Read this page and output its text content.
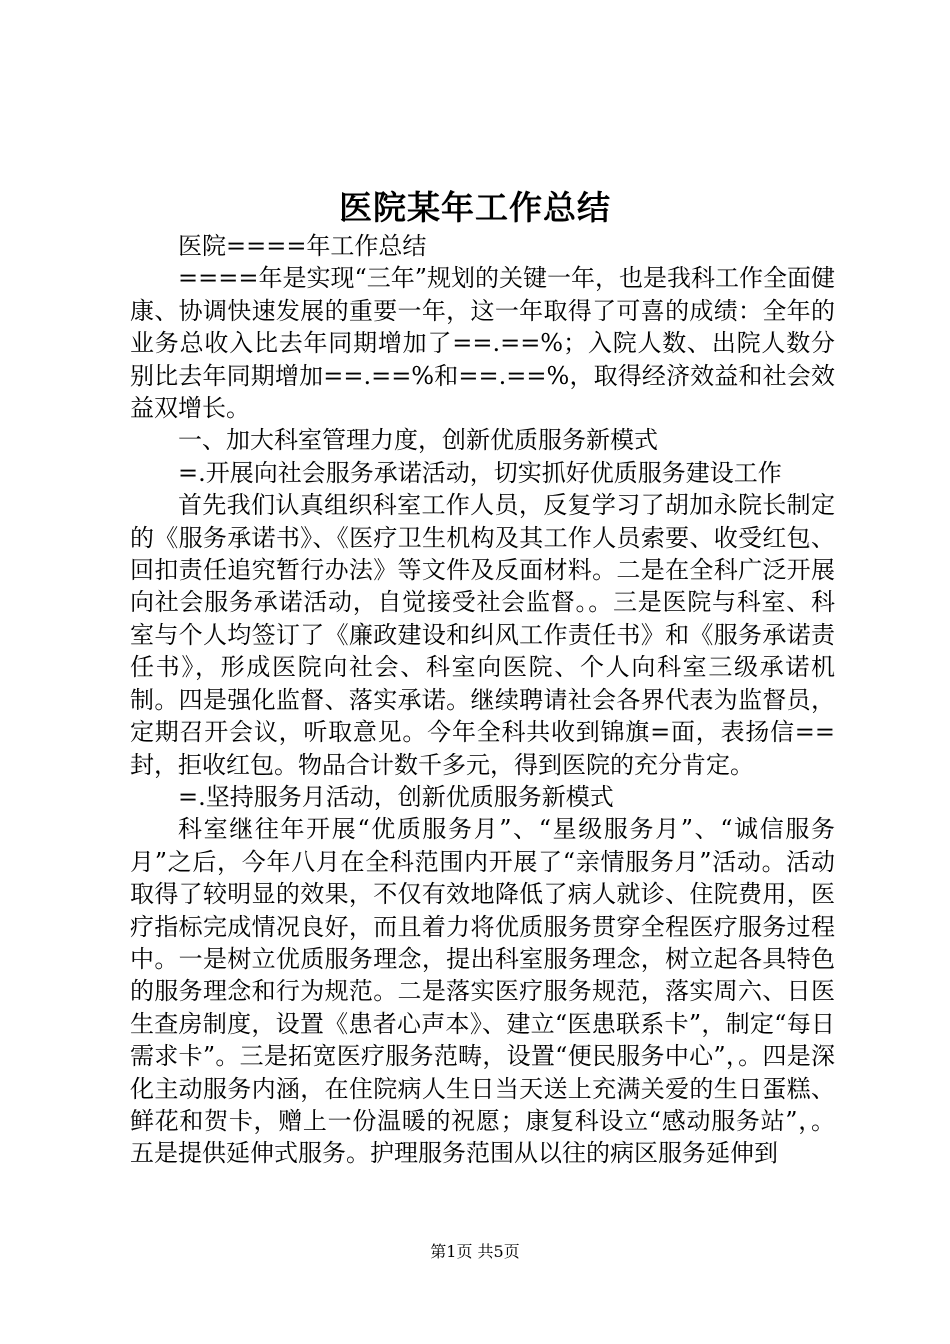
医院某年工作总结

医院====年工作总结

====年是实现“三年”规划的关键一年，也是我科工作全面健康、协调快速发展的重要一年，这一年取得了可喜的成绩：全年的业务总收入比去年同期增加了==.==%；入院人数、出院人数分别比去年同期增加==.==%和==.==%，取得经济效益和社会效益双增长。

一、加大科室管理力度，创新优质服务新模式

=.开展向社会服务承诺活动，切实抓好优质服务建设工作

首先我们认真组织科室工作人员，反复学习了胡加永院长制定的《服务承诺书》、《医疗卫生机构及其工作人员索要、收受红包、回扣责任追究暂行办法》等文件及反面材料。二是在全科广泛开展向社会服务承诺活动，自觉接受社会监督。。三是医院与科室、科室与个人均签订了《廉政建设和纠风工作责任书》和《服务承诺责任书》，形成医院向社会、科室向医院、个人向科室三级承诺机制。四是强化监督、落实承诺。继续聘请社会各界代表为监督员，定期召开会议，听取意见。今年全科共收到锦旗=面，表扬信==封，拒收红包。物品合计数千多元，得到医院的充分肯定。

=.坚持服务月活动，创新优质服务新模式

科室继往年开展“优质服务月”、“星级服务月”、“诚信服务月”之后，今年八月在全科范围内开展了“亲情服务月”活动。活动取得了较明显的效果，不仅有效地降低了病人就诊、住院费用，医疗指标完成情况良好，而且着力将优质服务贯穿全程医疗服务过程中。一是树立优质服务理念，提出科室服务理念，树立起各具特色的服务理念和行为规范。二是落实医疗服务规范，落实周六、日医生查房制度，设置《患者心声本》、建立“医患联系卡”，制定“每日需求卡”。三是拓宽医疗服务范畴，设置“便民服务中心”，。四是深化主动服务内涵，在住院病人生日当天送上充满关爱的生日蛋糕、鲜花和贺卡，赠上一份温暖的祝愿；康复科设立“感动服务站”，。五是提供延伸式服务。护理服务范围从以往的病区服务延伸到

第1页 共5页
